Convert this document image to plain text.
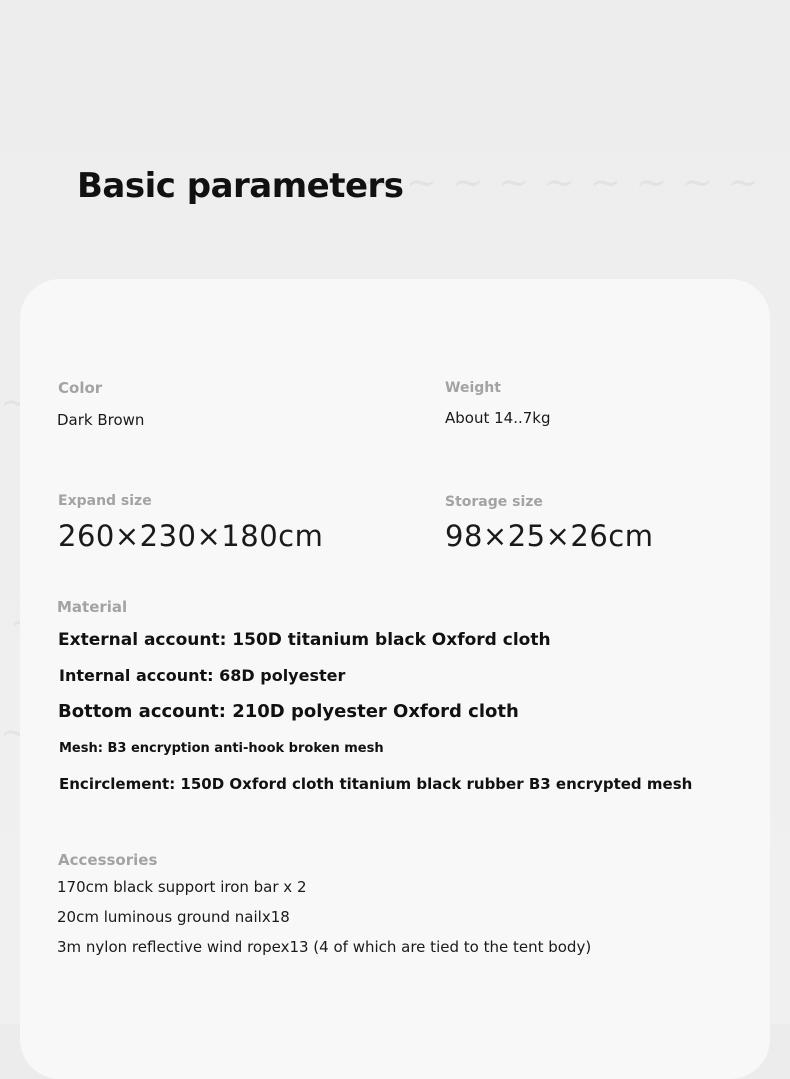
Basic parameters
Color
Dark Brown
Weight
About 14..7kg
Expand size
260×230×180cm
Storage size
98×25×26cm
Material
External account: 150D titanium black Oxford cloth
Internal account: 68D polyester
Bottom account: 210D polyester Oxford cloth
Mesh: B3 encryption anti-hook broken mesh
Encirclement: 150D Oxford cloth titanium black rubber B3 encrypted mesh
Accessories
170cm black support iron bar x 2
20cm luminous ground nailx18
3m nylon reflective wind ropex13 (4 of which are tied to the tent body)
